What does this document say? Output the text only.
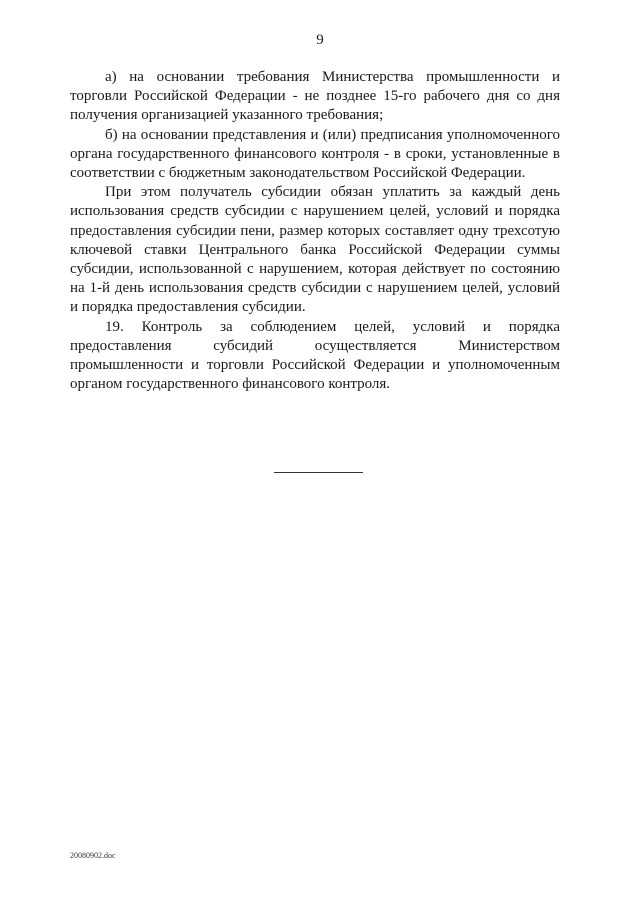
9

а) на основании требования Министерства промышленности и торговли Российской Федерации - не позднее 15-го рабочего дня со дня получения организацией указанного требования;

б) на основании представления и (или) предписания уполномоченного органа государственного финансового контроля - в сроки, установленные в соответствии с бюджетным законодательством Российской Федерации.

При этом получатель субсидии обязан уплатить за каждый день использования средств субсидии с нарушением целей, условий и порядка предоставления субсидии пени, размер которых составляет одну трехсотую ключевой ставки Центрального банка Российской Федерации суммы субсидии, использованной с нарушением, которая действует по состоянию на 1-й день использования средств субсидии с нарушением целей, условий и порядка предоставления субсидии.

19. Контроль за соблюдением целей, условий и порядка предоставления субсидий осуществляется Министерством промышленности и торговли Российской Федерации и уполномоченным органом государственного финансового контроля.

20080902.doc
